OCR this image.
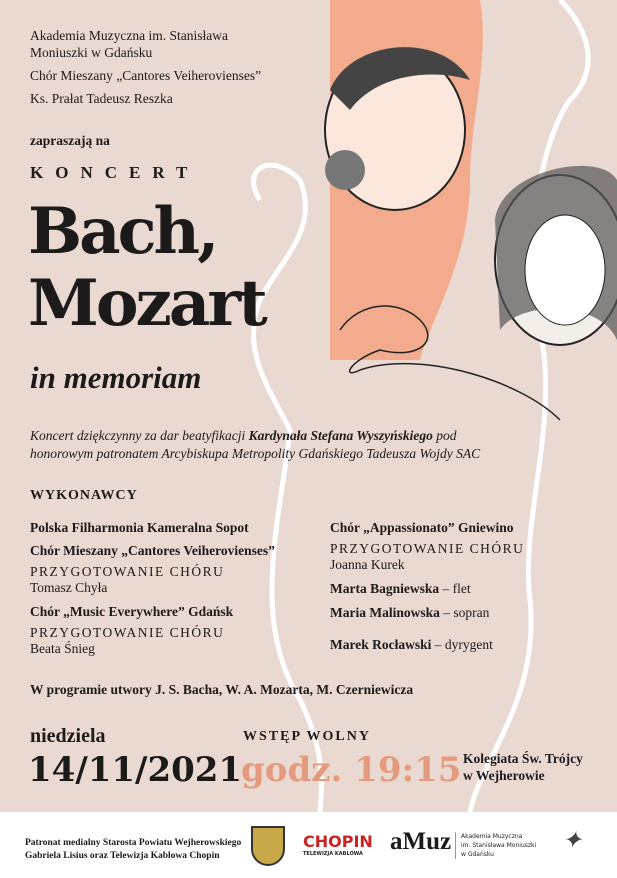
Akademia Muzyczna im. Stanisława
Moniuszki w Gdańsku
Chór Mieszany „Cantores Veiherovienses”
Ks. Prałat Tadeusz Reszka
zapraszają na
KONCERT
Bach,
Mozart
in memoriam
Koncert dziękczynny za dar beatyfikacji Kardynała Stefana Wyszyńskiego pod honorowym patronatem Arcybiskupa Metropolity Gdańskiego Tadeusza Wojdy SAC
WYKONAWCY
Polska Filharmonia Kameralna Sopot
Chór Mieszany „Cantores Veiherovienses”
PRZYGOTOWANIE CHÓRU
Tomasz Chyła
Chór „Music Everywhere” Gdańsk
PRZYGOTOWANIE CHÓRU
Beata Śnieg
Chór „Appassionato” Gniewino
PRZYGOTOWANIE CHÓRU
Joanna Kurek
Marta Bagniewska – flet
Maria Malinowska – sopran
Marek Rocławski – dyrygent
W programie utwory J. S. Bacha, W. A. Mozarta, M. Czerniewicza
niedziela
14/11/2021
WSTĘP WOLNY
godz. 19:15 Kolegiata Św. Trójcy
w Wejherowie
Patronat medialny Starosta Powiatu Wejherowskiego
Gabriela Lisius oraz Telewizja Kablowa Chopin
CHOPIN
TELEWIZJA KABLOWA	aMuz Akademia Muzyczna
im. Stanisława Moniuszki
w Gdańsku
✦
